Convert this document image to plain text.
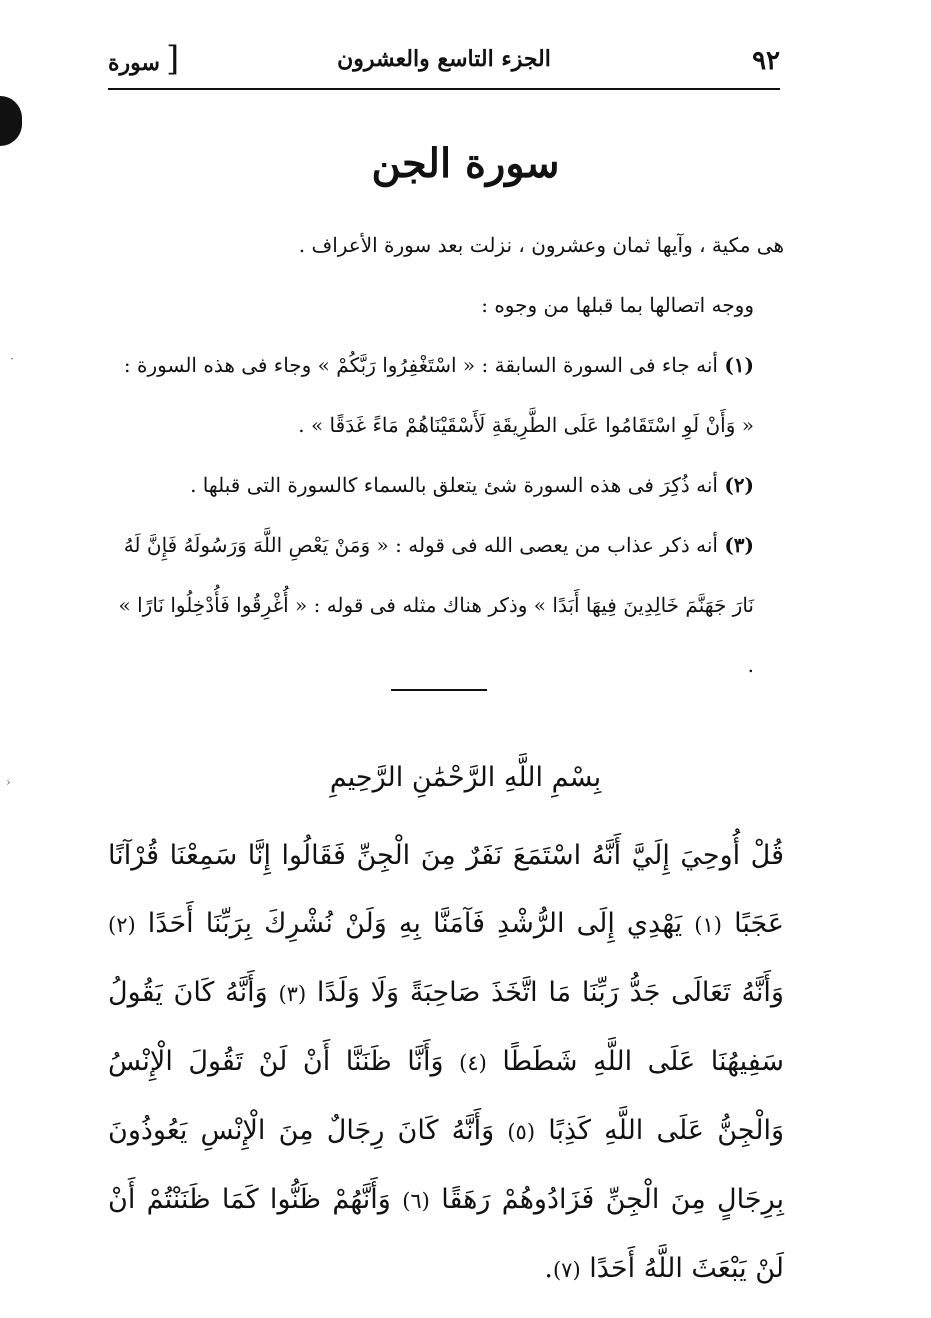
·
›
٩٢
الجزء التاسع والعشرون
[سورة
سورة الجن

هى مكية ، وآيها ثمان وعشرون ، نزلت بعد سورة الأعراف .

ووجه اتصالها بما قبلها من وجوه :

(١) أنه جاء فى السورة السابقة : « اسْتَغْفِرُوا رَبَّكُمْ » وجاء فى هذه السورة : « وَأَنْ لَوِ اسْتَقَامُوا عَلَى الطَّرِيقَةِ لَأَسْقَيْنَاهُمْ مَاءً غَدَقًا » .

(٢) أنه ذُكِرَ فى هذه السورة شئ يتعلق بالسماء كالسورة التى قبلها .

(٣) أنه ذكر عذاب من يعصى الله فى قوله : « وَمَنْ يَعْصِ اللَّهَ وَرَسُولَهُ فَإِنَّ لَهُ نَارَ جَهَنَّمَ خَالِدِينَ فِيهَا أَبَدًا » وذكر هناك مثله فى قوله : « أُغْرِقُوا فَأُدْخِلُوا نَارًا » .

بِسْمِ اللَّهِ الرَّحْمَٰنِ الرَّحِيمِ

قُلْ أُوحِيَ إِلَيَّ أَنَّهُ اسْتَمَعَ نَفَرٌ مِنَ الْجِنِّ فَقَالُوا إِنَّا سَمِعْنَا قُرْآنًا عَجَبًا (١) يَهْدِي إِلَى الرُّشْدِ فَآمَنَّا بِهِ وَلَنْ نُشْرِكَ بِرَبِّنَا أَحَدًا (٢) وَأَنَّهُ تَعَالَى جَدُّ رَبِّنَا مَا اتَّخَذَ صَاحِبَةً وَلَا وَلَدًا (٣) وَأَنَّهُ كَانَ يَقُولُ سَفِيهُنَا عَلَى اللَّهِ شَطَطًا (٤) وَأَنَّا ظَنَنَّا أَنْ لَنْ تَقُولَ الْإِنْسُ وَالْجِنُّ عَلَى اللَّهِ كَذِبًا (٥) وَأَنَّهُ كَانَ رِجَالٌ مِنَ الْإِنْسِ يَعُوذُونَ بِرِجَالٍ مِنَ الْجِنِّ فَزَادُوهُمْ رَهَقًا (٦) وَأَنَّهُمْ ظَنُّوا كَمَا ظَنَنْتُمْ أَنْ لَنْ يَبْعَثَ اللَّهُ أَحَدًا (٧).
